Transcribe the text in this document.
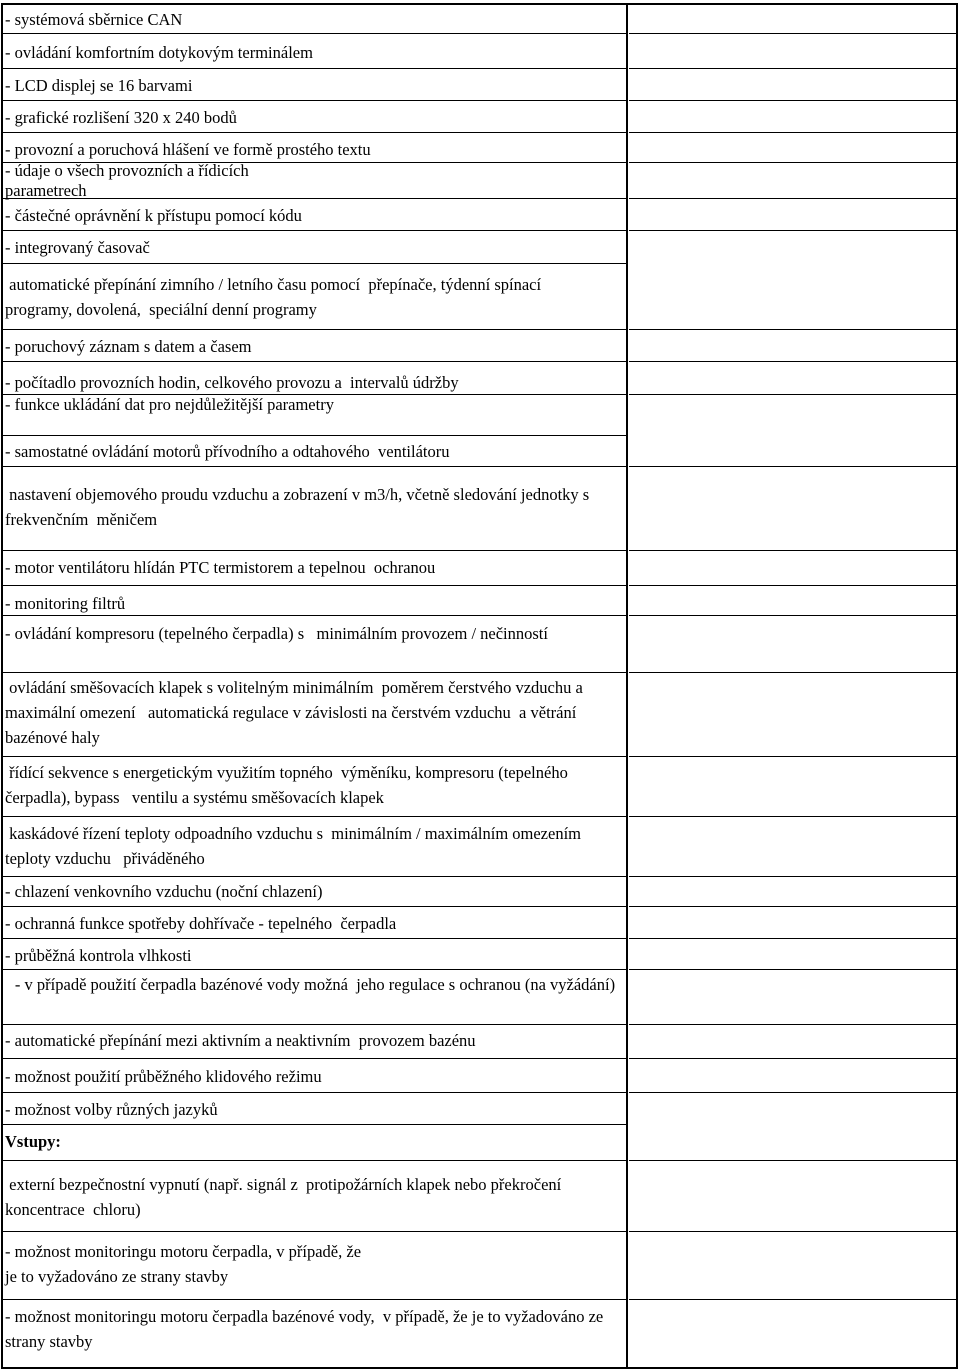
- systémová sběrnice CAN
- ovládání komfortním dotykovým terminálem
- LCD displej se 16 barvami
- grafické rozlišení 320 x 240 bodů
- provozní a poruchová hlášení ve formě prostého textu
- údaje o všech provozních a řídicích parametrech
- částečné oprávnění k přístupu pomocí kódu
- integrovaný časovač
automatické přepínání zimního / letního času pomocí  přepínače, týdenní spínací programy, dovolená,  speciální denní programy
- poruchový záznam s datem a časem
- počítadlo provozních hodin, celkového provozu a  intervalů údržby
- funkce ukládání dat pro nejdůležitější parametry
- samostatné ovládání motorů přívodního a odtahového  ventilátoru
nastavení objemového proudu vzduchu a zobrazení v m3/h, včetně sledování jednotky s frekvenčním  měničem
- motor ventilátoru hlídán PTC termistorem a tepelnou  ochranou
- monitoring filtrů
- ovládání kompresoru (tepelného čerpadla) s   minimálním provozem / nečinností
ovládání směšovacích klapek s volitelným minimálním  poměrem čerstvého vzduchu a maximální omezení   automatická regulace v závislosti na čerstvém vzduchu  a větrání bazénové haly
řídící sekvence s energetickým využitím topného  výměníku, kompresoru (tepelného čerpadla), bypass   ventilu a systému směšovacích klapek
kaskádové řízení teploty odpoadního vzduchu s  minimálním / maximálním omezením teploty vzduchu   přiváděného
- chlazení venkovního vzduchu (noční chlazení)
- ochranná funkce spotřeby dohřívače - tepelného  čerpadla
- průběžná kontrola vlhkosti
- v případě použití čerpadla bazénové vody možná  jeho regulace s ochranou (na vyžádání)
- automatické přepínání mezi aktivním a neaktivním  provozem bazénu
- možnost použití průběžného klidového režimu
- možnost volby různých jazyků
Vstupy:
externí bezpečnostní vypnutí (např. signál z  protipožárních klapek nebo překročení koncentrace  chloru)
- možnost monitoringu motoru čerpadla, v případě, že   je to vyžadováno ze strany stavby
- možnost monitoringu motoru čerpadla bazénové vody,  v případě, že je to vyžadováno ze strany stavby
